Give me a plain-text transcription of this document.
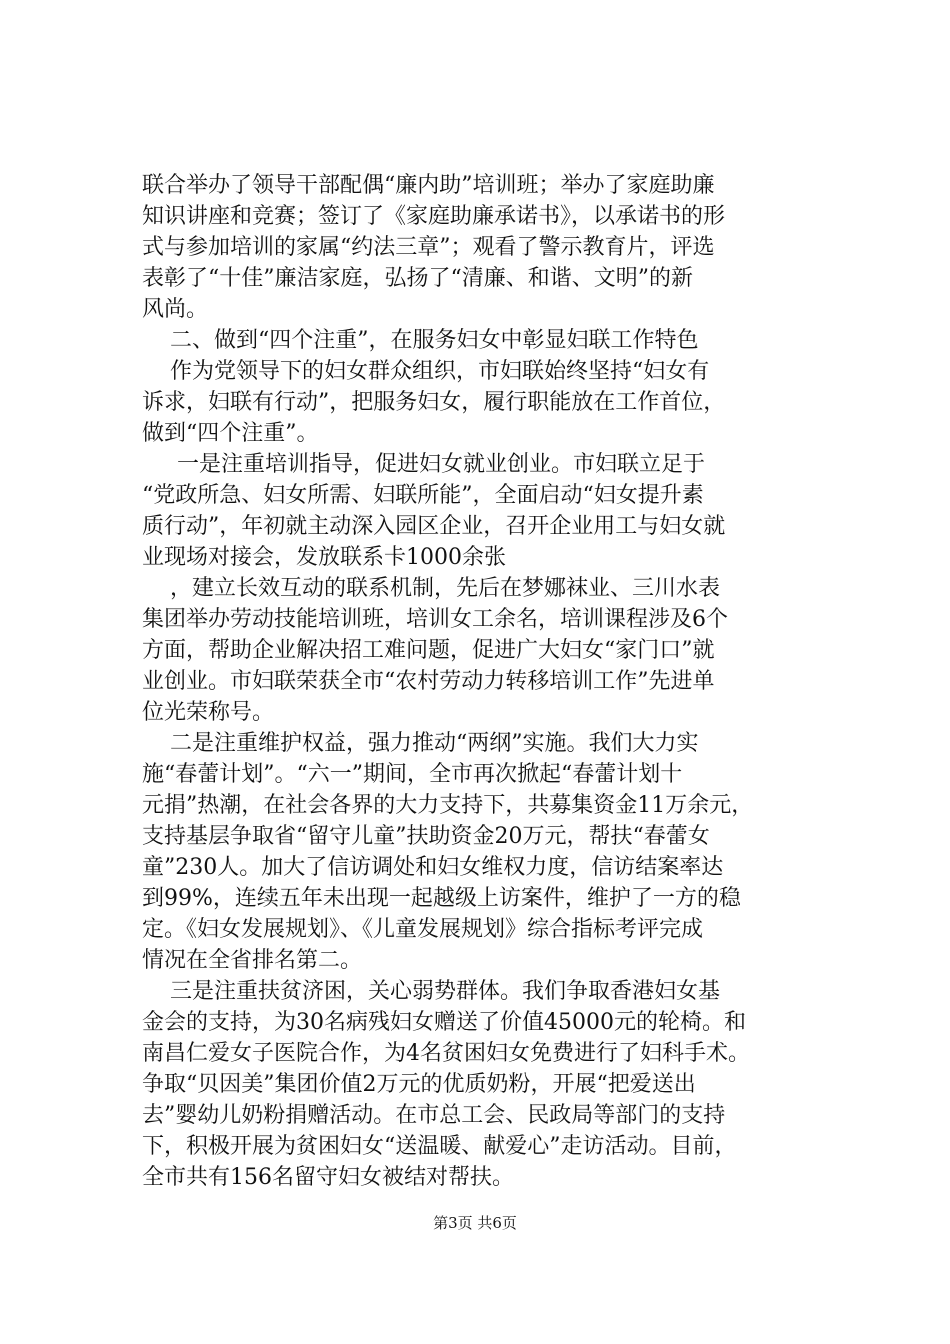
联合举办了领导干部配偶“廉内助”培训班；举办了家庭助廉
知识讲座和竞赛；签订了《家庭助廉承诺书》，以承诺书的形
式与参加培训的家属“约法三章”；观看了警示教育片，评选
表彰了“十佳”廉洁家庭，弘扬了“清廉、和谐、文明”的新
风尚。
二、做到“四个注重”，在服务妇女中彰显妇联工作特色
作为党领导下的妇女群众组织，市妇联始终坚持“妇女有
诉求，妇联有行动”，把服务妇女，履行职能放在工作首位，
做到“四个注重”。
一是注重培训指导，促进妇女就业创业。市妇联立足于
“党政所急、妇女所需、妇联所能”，全面启动“妇女提升素
质行动”，年初就主动深入园区企业，召开企业用工与妇女就
业现场对接会，发放联系卡1000余张
，建立长效互动的联系机制，先后在梦娜袜业、三川水表
集团举办劳动技能培训班，培训女工余名，培训课程涉及6个
方面，帮助企业解决招工难问题，促进广大妇女“家门口”就
业创业。市妇联荣获全市“农村劳动力转移培训工作”先进单
位光荣称号。
二是注重维护权益，强力推动“两纲”实施。我们大力实
施“春蕾计划”。“六一”期间，全市再次掀起“春蕾计划十
元捐”热潮，在社会各界的大力支持下，共募集资金11万余元，
支持基层争取省“留守儿童”扶助资金20万元，帮扶“春蕾女
童”230人。加大了信访调处和妇女维权力度，信访结案率达
到99%，连续五年未出现一起越级上访案件，维护了一方的稳
定。《妇女发展规划》、《儿童发展规划》综合指标考评完成
情况在全省排名第二。
三是注重扶贫济困，关心弱势群体。我们争取香港妇女基
金会的支持，为30名病残妇女赠送了价值45000元的轮椅。和
南昌仁爱女子医院合作，为4名贫困妇女免费进行了妇科手术。
争取“贝因美”集团价值2万元的优质奶粉，开展“把爱送出
去”婴幼儿奶粉捐赠活动。在市总工会、民政局等部门的支持
下，积极开展为贫困妇女“送温暖、献爱心”走访活动。目前，
全市共有156名留守妇女被结对帮扶。
第3页 共6页
